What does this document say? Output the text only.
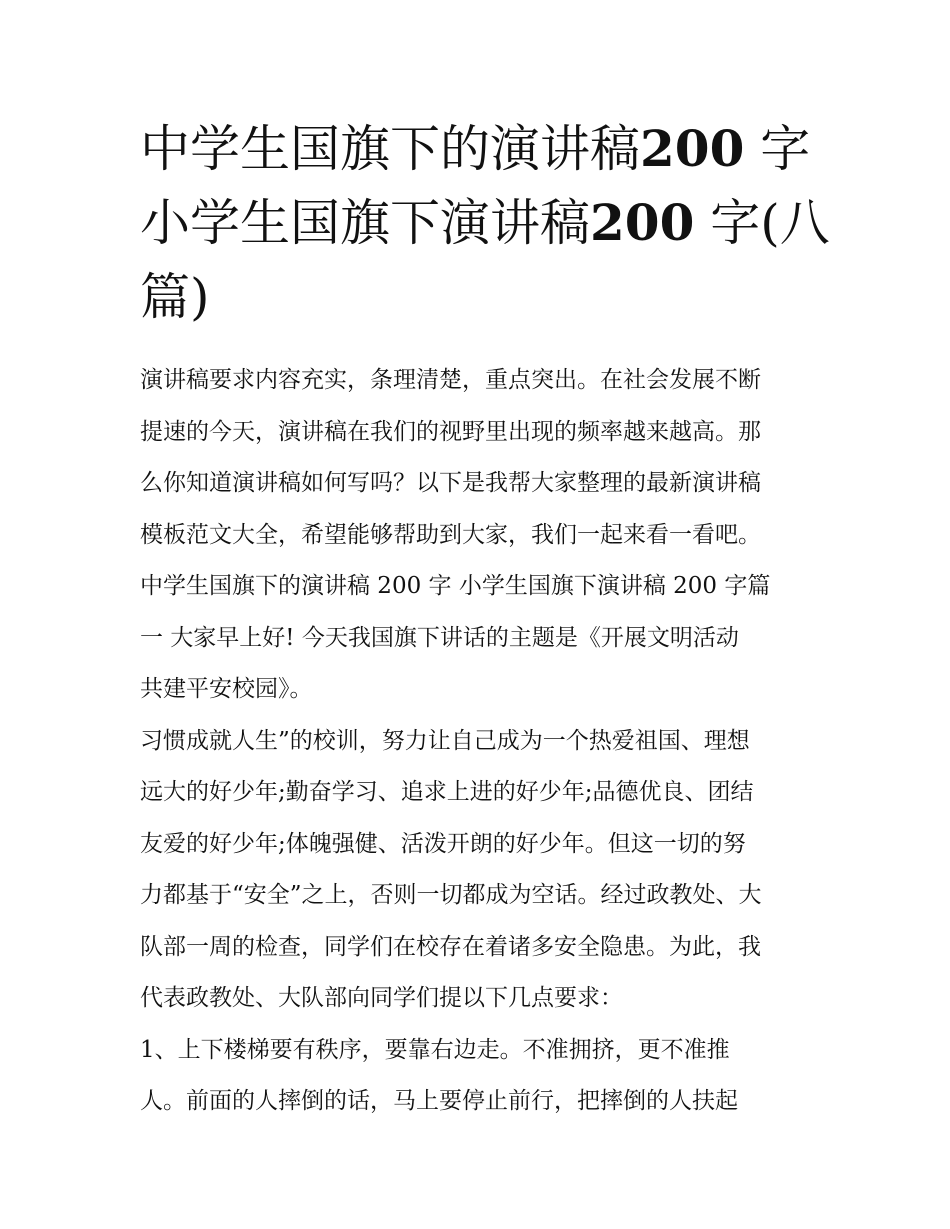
中学生国旗下的演讲稿200 字
小学生国旗下演讲稿200 字(八
篇)
演讲稿要求内容充实，条理清楚，重点突出。在社会发展不断
提速的今天，演讲稿在我们的视野里出现的频率越来越高。那
么你知道演讲稿如何写吗？以下是我帮大家整理的最新演讲稿
模板范文大全，希望能够帮助到大家，我们一起来看一看吧。
中学生国旗下的演讲稿 200 字 小学生国旗下演讲稿 200 字篇
一 大家早上好! 今天我国旗下讲话的主题是《开展文明活动
共建平安校园》。
习惯成就人生”的校训，努力让自己成为一个热爱祖国、理想
远大的好少年;勤奋学习、追求上进的好少年;品德优良、团结
友爱的好少年;体魄强健、活泼开朗的好少年。但这一切的努
力都基于“安全”之上，否则一切都成为空话。经过政教处、大
队部一周的检查，同学们在校存在着诸多安全隐患。为此，我
代表政教处、大队部向同学们提以下几点要求：
1、上下楼梯要有秩序，要靠右边走。不准拥挤，更不准推
人。前面的人摔倒的话，马上要停止前行，把摔倒的人扶起
